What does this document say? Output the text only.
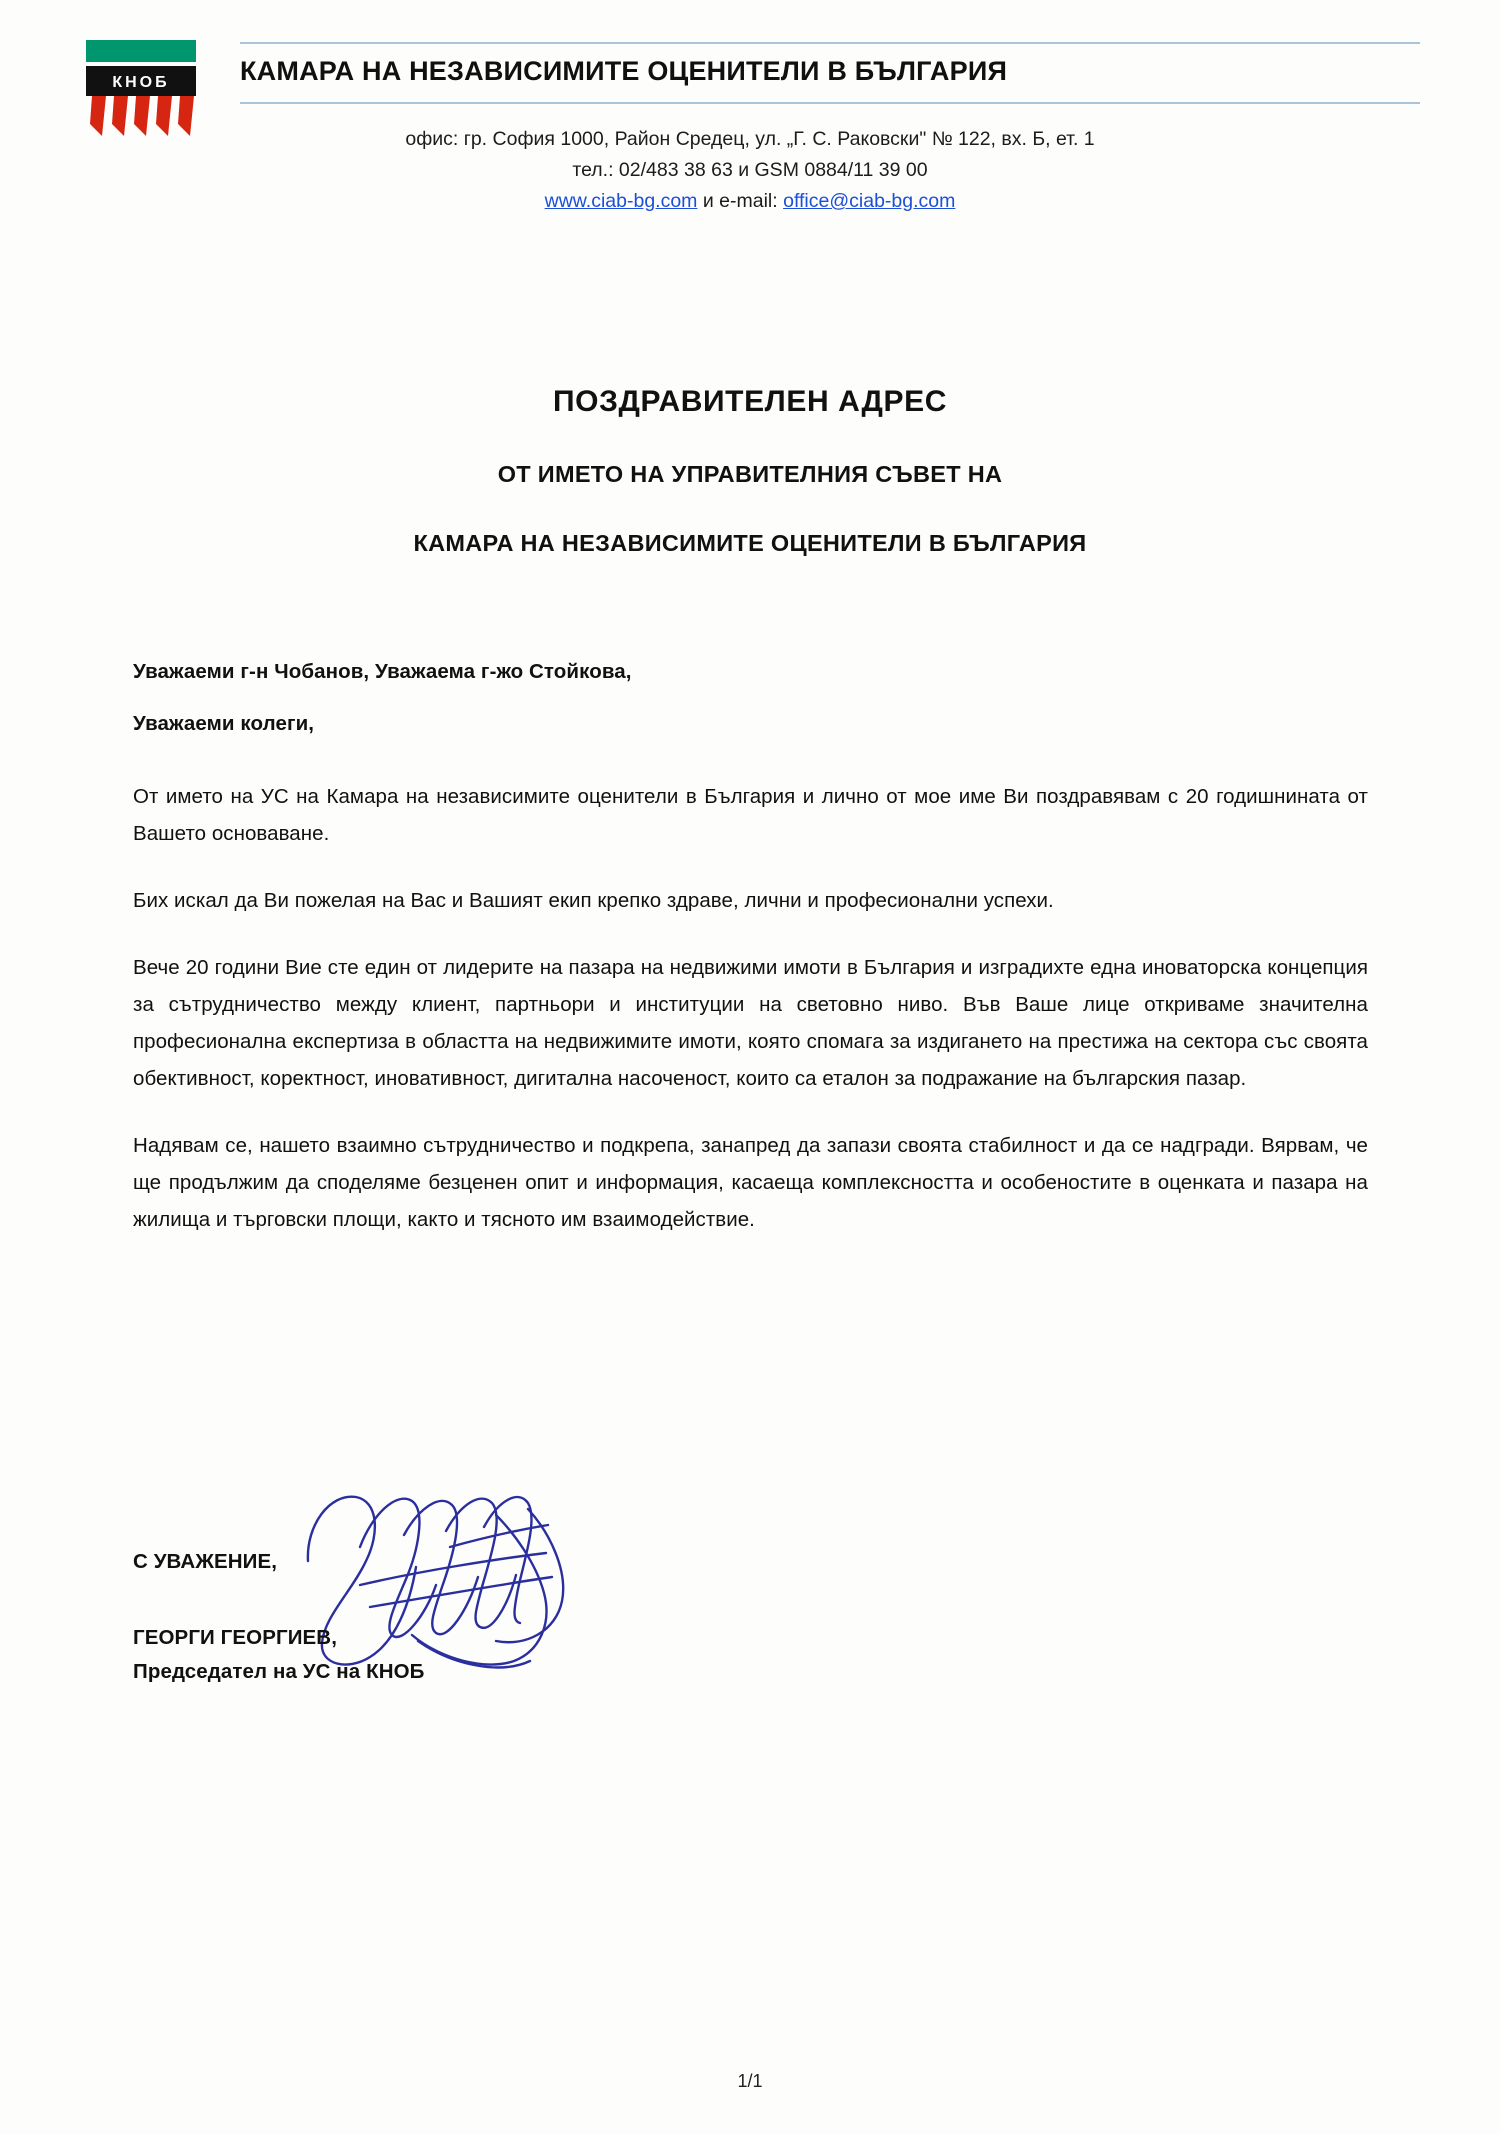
КНОБ	КАМАРА НА НЕЗАВИСИМИТЕ ОЦЕНИТЕЛИ В БЪЛГАРИЯ
офис: гр. София 1000, Район Средец, ул. „Г. С. Раковски" № 122, вх. Б, ет. 1
тел.: 02/483 38 63 и GSM 0884/11 39 00
www.ciab-bg.com и e-mail: office@ciab-bg.com
ПОЗДРАВИТЕЛЕН АДРЕС
ОТ ИМЕТО НА УПРАВИТЕЛНИЯ СЪВЕТ НА
КАМАРА НА НЕЗАВИСИМИТЕ ОЦЕНИТЕЛИ В БЪЛГАРИЯ
Уважаеми г-н Чобанов, Уважаема г-жо Стойкова,
Уважаеми колеги,

От името на УС на Камара на независимите оценители в България и лично от мое име Ви поздравявам с 20 годишнината от Вашето основаване.

Бих искал да Ви пожелая на Вас и Вашият екип крепко здраве, лични и професионални успехи.

Вече 20 години Вие сте един от лидерите на пазара на недвижими имоти в България и изградихте една иноваторска концепция за сътрудничество между клиент, партньори и институции на световно ниво. Във Ваше лице откриваме значителна професионална експертиза в областта на недвижимите имоти, която спомага за издигането на престижа на сектора със своята обективност, коректност, иновативност, дигитална насоченост, които са еталон за подражание на българския пазар.

Надявам се, нашето взаимно сътрудничество и подкрепа, занапред да запази своята стабилност и да се надгради. Вярвам, че ще продължим да споделяме безценен опит и информация, касаеща комплексността и особеностите в оценката и пазара на жилища и търговски площи, както и тясното им взаимодействие.

С УВАЖЕНИЕ,
ГЕОРГИ ГЕОРГИЕВ,
Председател на УС на КНОБ
1/1
